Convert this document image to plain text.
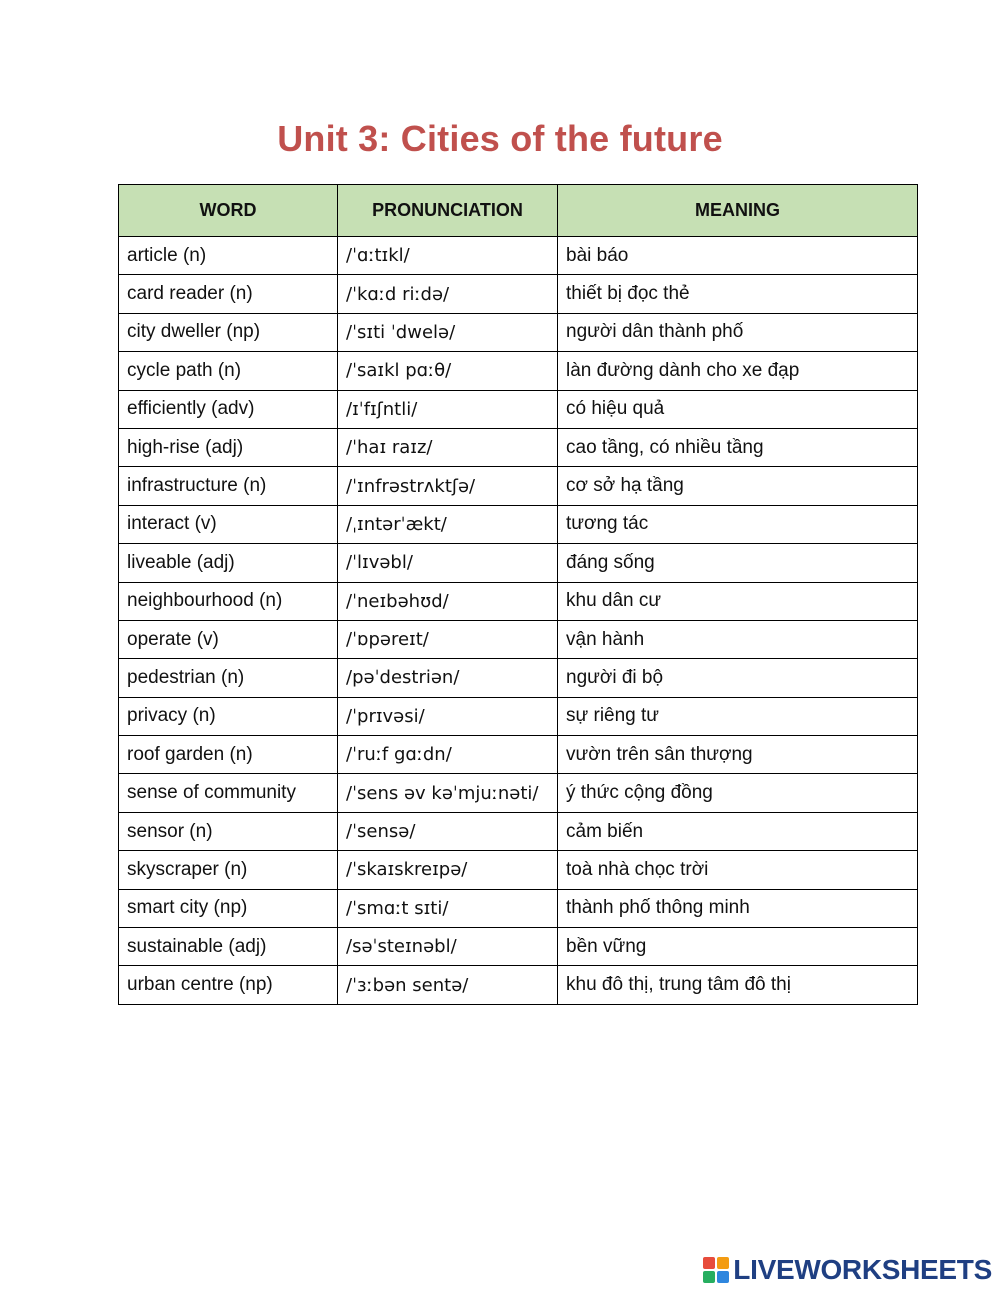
Unit 3: Cities of the future
WORD	PRONUNCIATION	MEANING
article (n)	/ˈɑːtɪkl/	bài báo
card reader (n)	/ˈkɑːd riːdə/	thiết bị đọc thẻ
city dweller (np)	/ˈsɪti ˈdwelə/	người dân thành phố
cycle path (n)	/ˈsaɪkl pɑːθ/	làn đường dành cho xe đạp
efficiently (adv)	/ɪˈfɪʃntli/	có hiệu quả
high-rise (adj)	/ˈhaɪ raɪz/	cao tầng, có nhiều tầng
infrastructure (n)	/ˈɪnfrəstrʌktʃə/	cơ sở hạ tầng
interact (v)	/ˌɪntərˈækt/	tương tác
liveable (adj)	/ˈlɪvəbl/	đáng sống
neighbourhood (n)	/ˈneɪbəhʊd/	khu dân cư
operate (v)	/ˈɒpəreɪt/	vận hành
pedestrian (n)	/pəˈdestriən/	người đi bộ
privacy (n)	/ˈprɪvəsi/	sự riêng tư
roof garden (n)	/ˈruːf gɑːdn/	vườn trên sân thượng
sense of community	/ˈsens əv kəˈmjuːnəti/	ý thức cộng đồng
sensor (n)	/ˈsensə/	cảm biến
skyscraper (n)	/ˈskaɪskreɪpə/	toà nhà chọc trời
smart city (np)	/ˈsmɑːt sɪti/	thành phố thông minh
sustainable (adj)	/səˈsteɪnəbl/	bền vững
urban centre (np)	/ˈɜːbən sentə/	khu đô thị, trung tâm đô thị
LIVEWORKSHEETS
